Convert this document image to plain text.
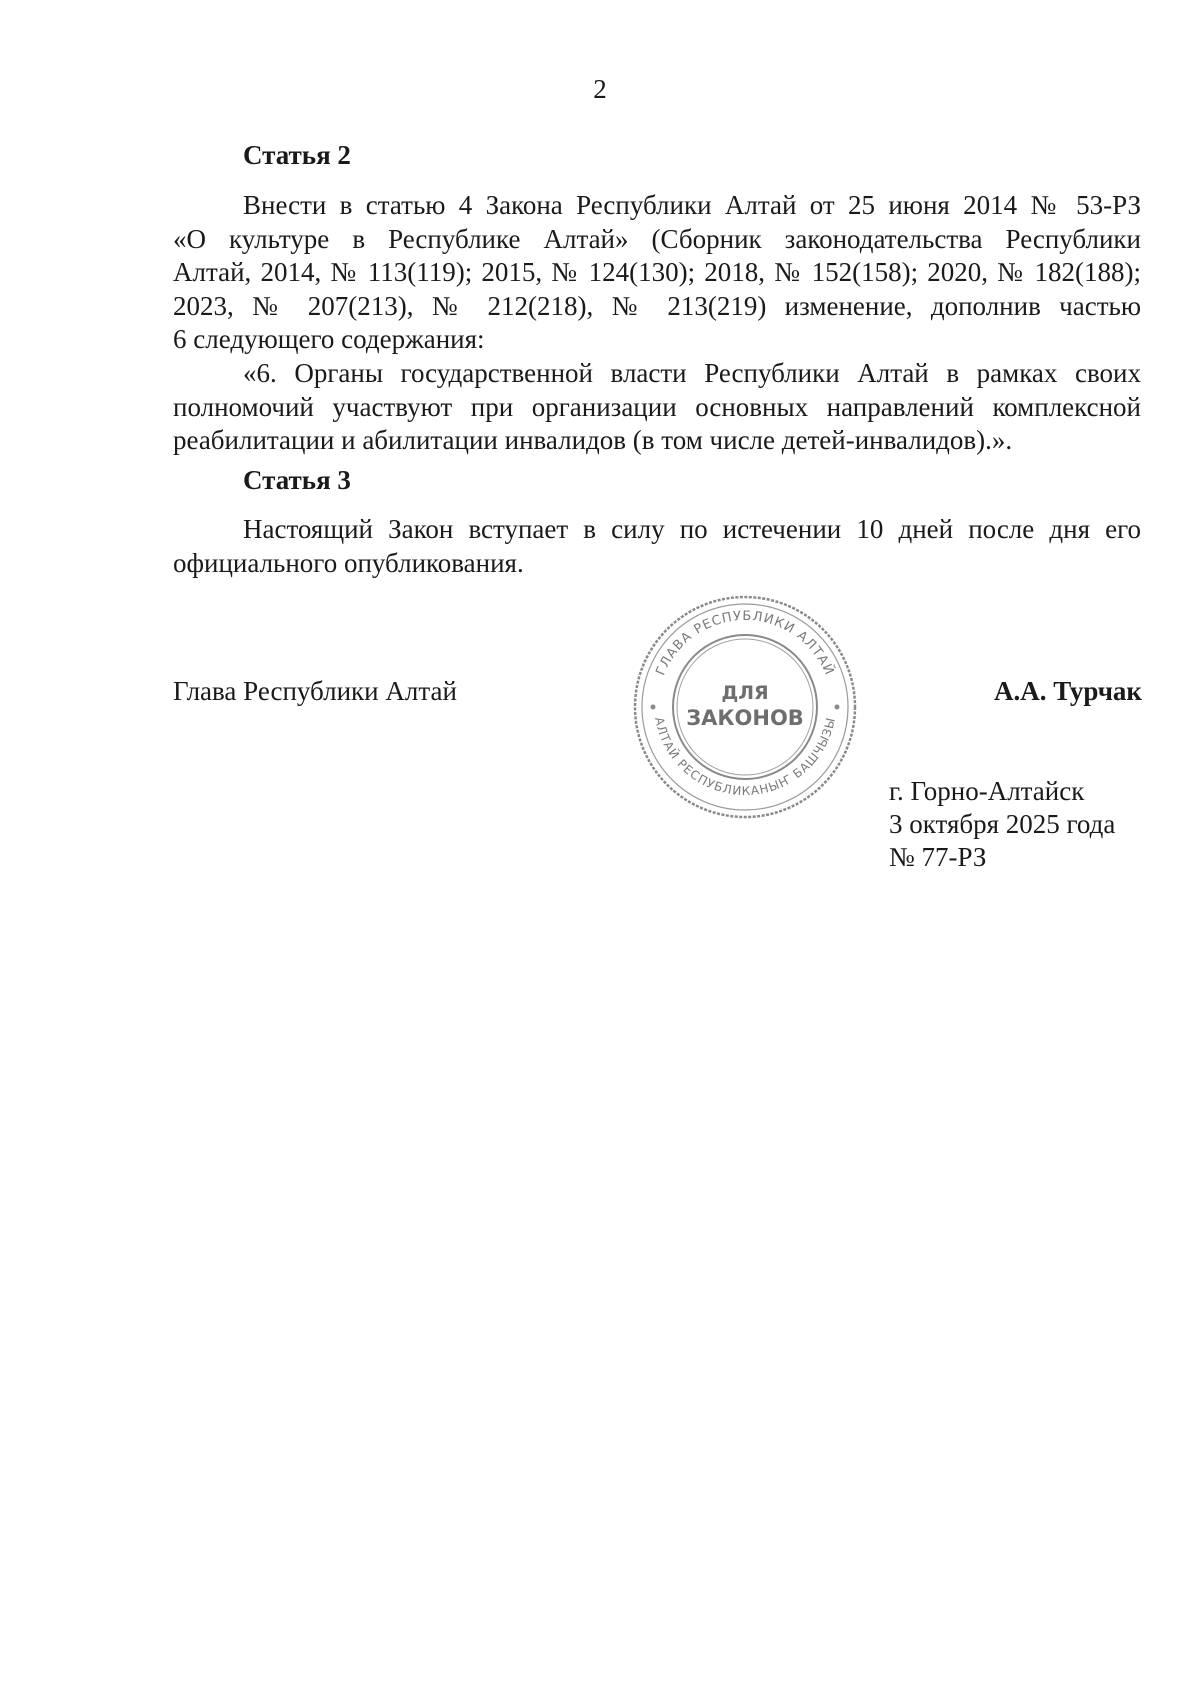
2
Статья 2
Внести в статью 4 Закона Республики Алтай от 25 июня 2014 № 53-РЗ
«О культуре в Республике Алтай» (Сборник законодательства Республики
Алтай, 2014, № 113(119); 2015, № 124(130); 2018, № 152(158); 2020, № 182(188);
2023, № 207(213), № 212(218), № 213(219) изменение, дополнив частью
6 следующего содержания:
«6. Органы государственной власти Республики Алтай в рамках своих
полномочий участвуют при организации основных направлений комплексной
реабилитации и абилитации инвалидов (в том числе детей-инвалидов).».
Статья 3
Настоящий Закон вступает в силу по истечении 10 дней после дня его
официального опубликования.
Глава Республики Алтай	А.А. Турчак
ГЛАВА РЕСПУБЛИКИ АЛТАЙ
АЛТАЙ РЕСПУБЛИКАНЫҤ БАШЧЫЗЫ
ДЛЯ
ЗАКОНОВ
г. Горно-Алтайск
3 октября 2025 года
№ 77-РЗ
